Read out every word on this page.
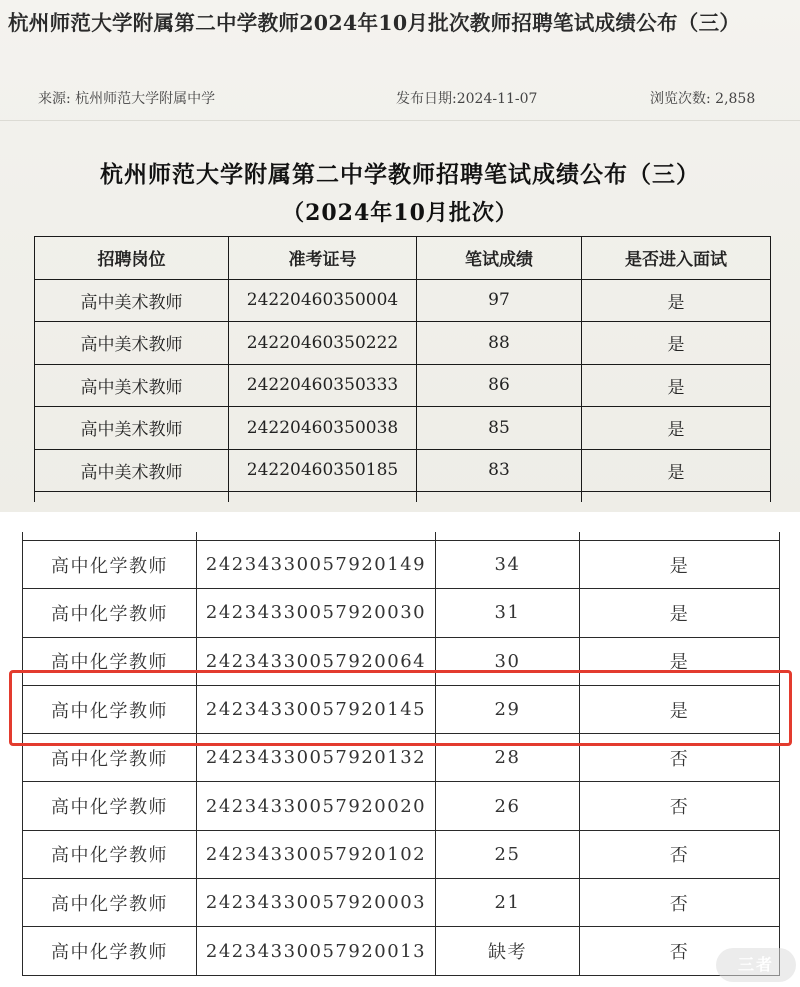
杭州师范大学附属第二中学教师2024年10月批次教师招聘笔试成绩公布（三）
来源: 杭州师范大学附属中学	发布日期:2024-11-07	浏览次数: 2,858
杭州师范大学附属第二中学教师招聘笔试成绩公布（三）
（2024年10月批次）
招聘岗位	准考证号	笔试成绩	是否进入面试
高中美术教师	24220460350004	97	是
高中美术教师	24220460350222	88	是
高中美术教师	24220460350333	86	是
高中美术教师	24220460350038	85	是
高中美术教师	24220460350185	83	是

高中化学教师	24234330057920149	34	是
高中化学教师	24234330057920030	31	是
高中化学教师	24234330057920064	30	是
高中化学教师	24234330057920145	29	是
高中化学教师	24234330057920132	28	否
高中化学教师	24234330057920020	26	否
高中化学教师	24234330057920102	25	否
高中化学教师	24234330057920003	21	否
高中化学教师	24234330057920013	缺考	否
三者
